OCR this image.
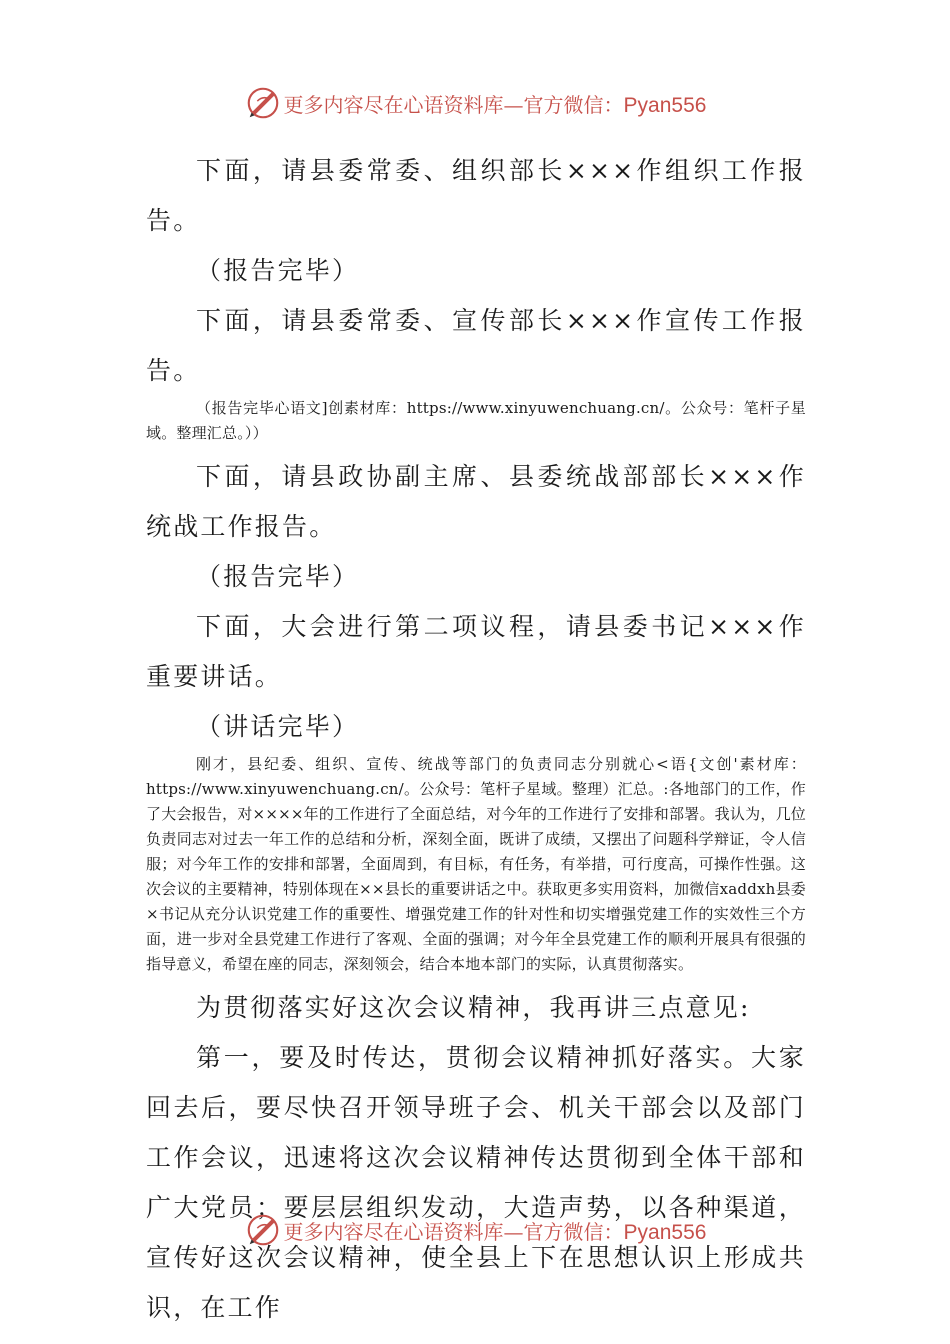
更多内容尽在心语资料库—官方微信：Pyan556

下面，请县委常委、组织部长×××作组织工作报告。

（报告完毕）

下面，请县委常委、宣传部长×××作宣传工作报告。

（报告完毕心语文]创素材库：https://www.xinyuwenchuang.cn/。公众号：笔杆子星域。整理汇总。））

下面，请县政协副主席、县委统战部部长×××作统战工作报告。

（报告完毕）

下面，大会进行第二项议程，请县委书记×××作重要讲话。

（讲话完毕）

刚才，县纪委、组织、宣传、统战等部门的负责同志分别就心<语{文创'素材库：https://www.xinyuwenchuang.cn/。公众号：笔杆子星域。整理）汇总。:各地部门的工作，作了大会报告，对××××年的工作进行了全面总结，对今年的工作进行了安排和部署。我认为，几位负责同志对过去一年工作的总结和分析，深刻全面，既讲了成绩，又摆出了问题科学辩证，令人信服；对今年工作的安排和部署，全面周到，有目标，有任务，有举措，可行度高，可操作性强。这次会议的主要精神，特别体现在××县长的重要讲话之中。获取更多实用资料，加微信xaddxh县委×书记从充分认识党建工作的重要性、增强党建工作的针对性和切实增强党建工作的实效性三个方面，进一步对全县党建工作进行了客观、全面的强调；对今年全县党建工作的顺利开展具有很强的指导意义，希望在座的同志，深刻领会，结合本地本部门的实际，认真贯彻落实。

为贯彻落实好这次会议精神，我再讲三点意见:

第一，要及时传达，贯彻会议精神抓好落实。大家回去后，要尽快召开领导班子会、机关干部会以及部门工作会议，迅速将这次会议精神传达贯彻到全体干部和广大党员；要层层组织发动，大造声势，以各种渠道，宣传好这次会议精神，使全县上下在思想认识上形成共识，在工作

更多内容尽在心语资料库—官方微信：Pyan556
